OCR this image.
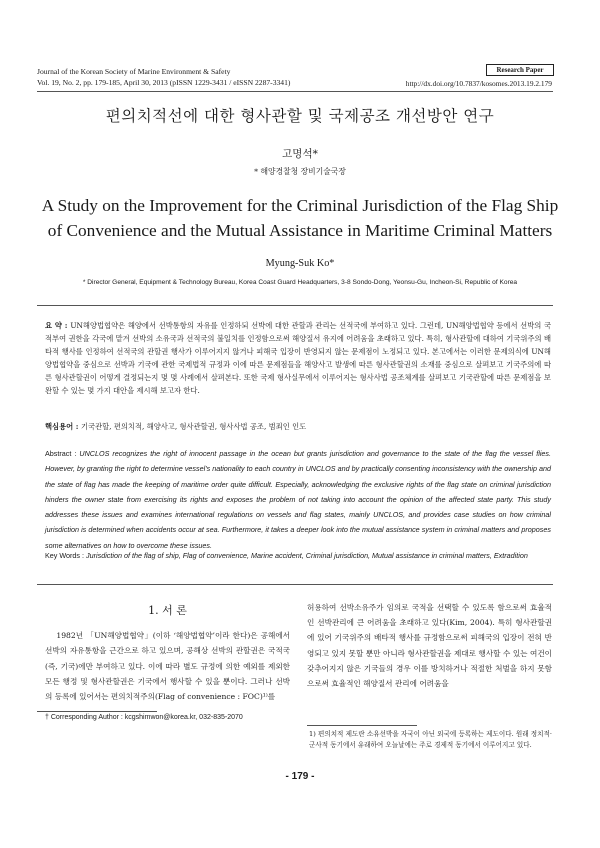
Journal of the Korean Society of Marine Environment & Safety
Vol. 19, No. 2, pp. 179-185, April 30, 2013 (pISSN 1229-3431 / eISSN 2287-3341)
Research Paper
http://dx.doi.org/10.7837/kosomes.2013.19.2.179
편의치적선에 대한 형사관할 및 국제공조 개선방안 연구
고명석*
* 해양경찰청 장비기술국장
A Study on the Improvement for the Criminal Jurisdiction of the Flag Ship
of Convenience and the Mutual Assistance in Maritime Criminal Matters
Myung-Suk Ko*
* Director General, Equipment & Technology Bureau, Korea Coast Guard Headquarters, 3-8 Sondo-Dong, Yeonsu-Gu, Incheon-Si, Republic of Korea
요 약 : UN해양법협약은 해양에서 선박통항의 자유를 인정하되 선박에 대한 관할과 관리는 선적국에 부여하고 있다. 그런데, UN해양법협약 등에서 선박의 국적부여 권한을 각국에 맡겨 선박의 소유국과 선적국의 불일치를 인정함으로써 해양질서 유지에 어려움을 초래하고 있다. 특히, 형사관할에 대하여 기국위주의 배타적 행사를 인정하여 선적국의 관할권 행사가 이루어지지 않거나 피해국 입장이 반영되지 않는 문제점이 노정되고 있다. 본고에서는 이러한 문제의식에 UN해양법협약을 중심으로 선박과 기국에 관한 국제법적 규정과 이에 따른 문제점들을 해양사고 발생에 따른 형사관할권의 소재를 중심으로 살펴보고 기국주의에 따른 형사관할권이 어떻게 결정되는지 몇 몇 사례에서 살펴본다. 또한 국제 형사실무에서 이루어지는 형사사법 공조체계를 살펴보고 기국관할에 따른 문제점을 보완할 수 있는 몇 가지 대안을 제시해 보고자 한다.
핵심용어 : 기국관할, 편의치적, 해양사고, 형사관할권, 형사사법 공조, 범죄인 인도
Abstract : UNCLOS recognizes the right of innocent passage in the ocean but grants jurisdiction and governance to the state of the flag the vessel flies. However, by granting the right to determine vessel's nationality to each country in UNCLOS and by practically consenting inconsistency with the ownership and the state of flag has made the keeping of maritime order quite difficult. Especially, acknowledging the exclusive rights of the flag state on criminal jurisdiction hinders the owner state from exercising its rights and exposes the problem of not taking into account the opinion of the affected state party. This study addresses these issues and examines international regulations on vessels and flag states, mainly UNCLOS, and provides case studies on how criminal jurisdiction is determined when accidents occur at sea. Furthermore, it takes a deeper look into the mutual assistance system in criminal matters and proposes some alternatives on how to overcome these issues.
Key Words : Jurisdiction of the flag of ship, Flag of convenience, Marine accident, Criminal jurisdiction, Mutual assistance in criminal matters, Extradition
1. 서 론
1982년 「UN해양법협약」(이하 ‘해양법협약’이라 한다)은 공해에서 선박의 자유통항을 근간으로 하고 있으며, 공해상 선박의 관할권은 국적국(즉, 기국)에만 부여하고 있다. 이에 따라 별도 규정에 의한 예외를 제외한 모든 행정 및 형사관할권은 기국에서 행사할 수 있을 뿐이다. 그러나 선박의 등록에 있어서는 편의치적주의(Flag of convenience : FOC)¹⁾를
허용하여 선박소유주가 임의로 국적을 선택할 수 있도록 함으로써 효율적인 선박관리에 큰 어려움을 초래하고 있다(Kim, 2004). 특히 형사관할권에 있어 기국위주의 배타적 행사를 규정함으로써 피해국의 입장이 전혀 반영되고 있지 못할 뿐만 아니라 형사관할권을 제대로 행사할 수 있는 여건이 갖추어지지 않은 기국들의 경우 이를 방치하거나 적절한 처벌을 하지 못함으로써 효율적인 해양질서 관리에 어려움을
† Corresponding Author : kcgshimwon@korea.kr, 032-835-2070
1) 편의치적 제도란 소유선박을 자국이 아닌 외국에 등록하는 제도이다. 원래 정치적·군사적 동기에서 유래하여 오늘날에는 주로 경제적 동기에서 이루어지고 있다.
- 179 -
